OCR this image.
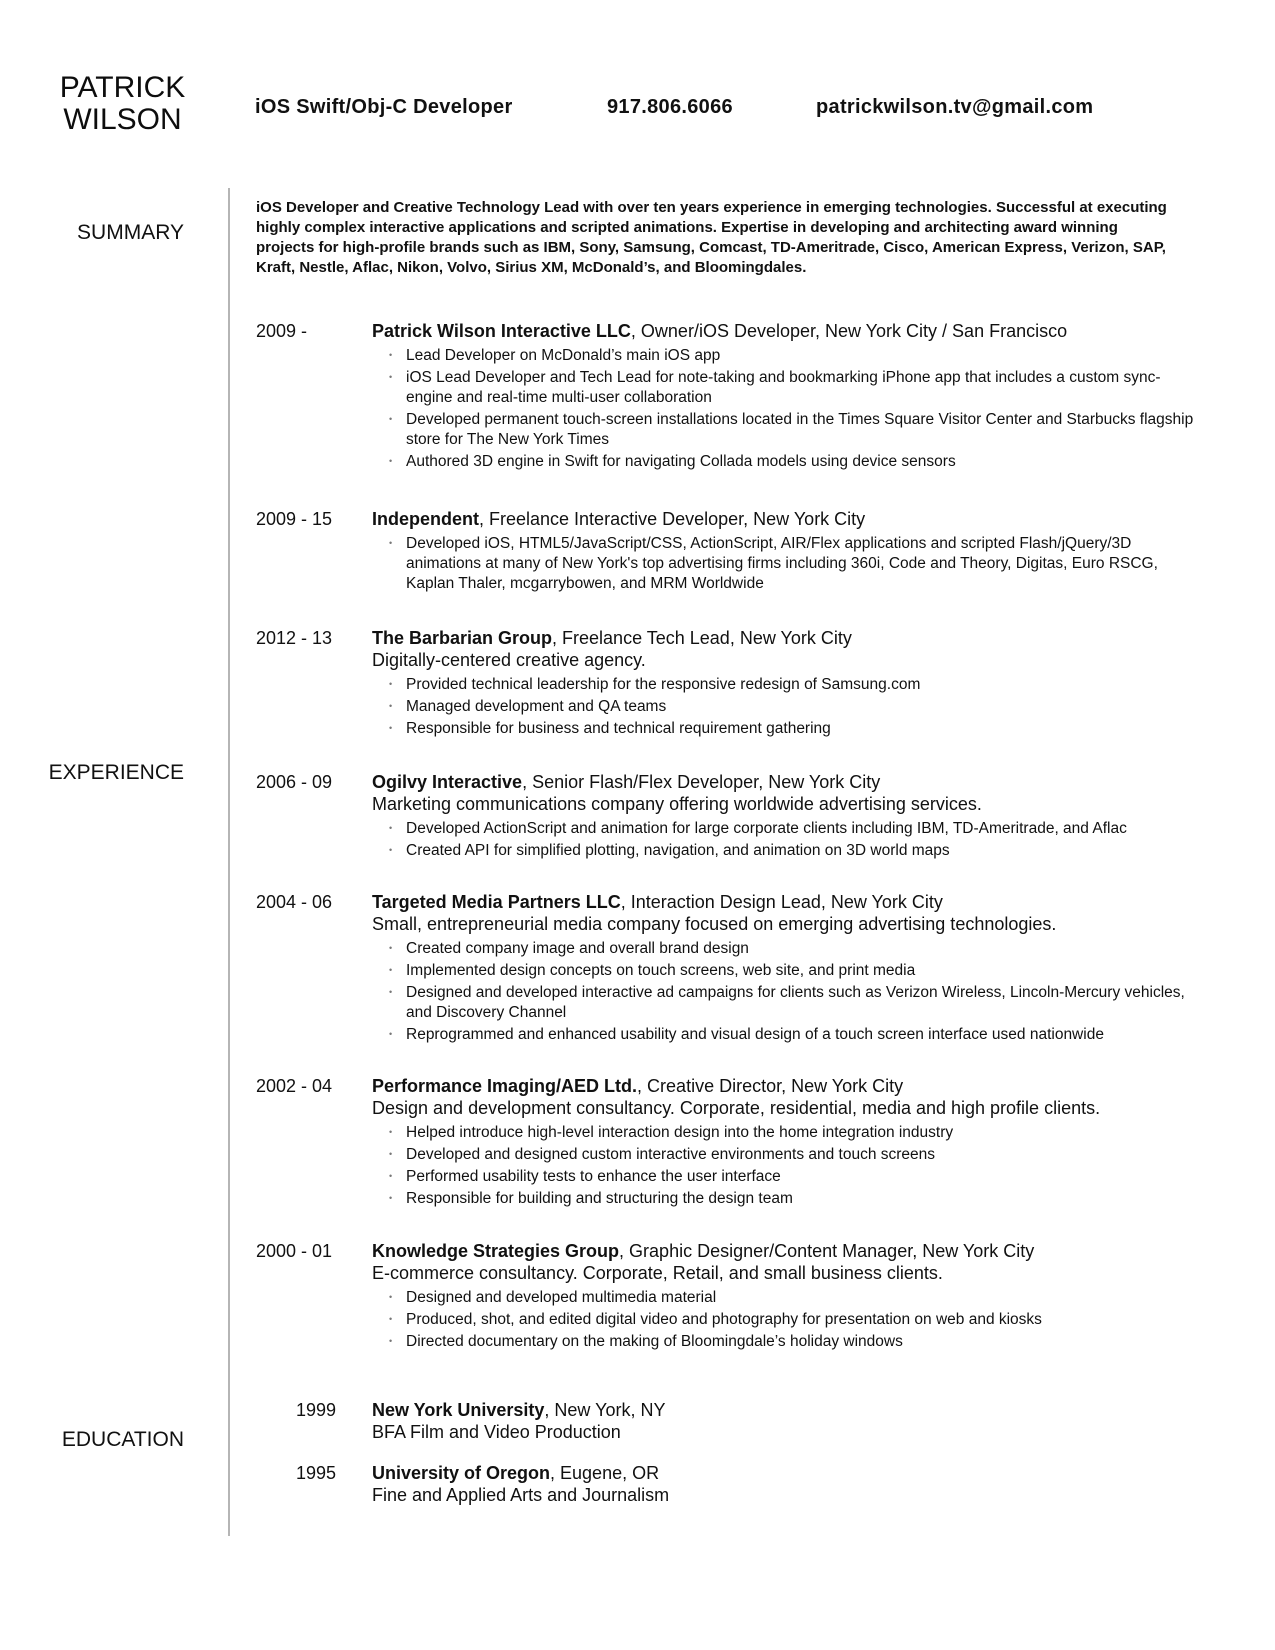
PATRICK
WILSON	iOS Swift/Obj-C Developer	917.806.6066	patrickwilson.tv@gmail.com
SUMMARY
EXPERIENCE
EDUCATION
iOS Developer and Creative Technology Lead with over ten years experience in emerging technologies. Successful at executing highly complex interactive applications and scripted animations. Expertise in developing and architecting award winning projects for high-profile brands such as IBM, Sony, Samsung, Comcast, TD-Ameritrade, Cisco, American Express, Verizon, SAP, Kraft, Nestle, Aflac, Nikon, Volvo, Sirius XM, McDonald’s, and Bloomingdales.
2009 -	Patrick Wilson Interactive LLC, Owner/iOS Developer, New York City / San Francisco
• Lead Developer on McDonald’s main iOS app
• iOS Lead Developer and Tech Lead for note-taking and bookmarking iPhone app that includes a custom sync-engine and real-time multi-user collaboration
• Developed permanent touch-screen installations located in the Times Square Visitor Center and Starbucks flagship store for The New York Times
• Authored 3D engine in Swift for navigating Collada models using device sensors
2009 - 15	Independent, Freelance Interactive Developer, New York City
• Developed iOS, HTML5/JavaScript/CSS, ActionScript, AIR/Flex applications and scripted Flash/jQuery/3D animations at many of New York's top advertising firms including 360i, Code and Theory, Digitas, Euro RSCG, Kaplan Thaler, mcgarrybowen, and MRM Worldwide
2012 - 13	The Barbarian Group, Freelance Tech Lead, New York City
Digitally-centered creative agency.
• Provided technical leadership for the responsive redesign of Samsung.com
• Managed development and QA teams
• Responsible for business and technical requirement gathering
2006 - 09	Ogilvy Interactive, Senior Flash/Flex Developer, New York City
Marketing communications company offering worldwide advertising services.
• Developed ActionScript and animation for large corporate clients including IBM, TD-Ameritrade, and Aflac
• Created API for simplified plotting, navigation, and animation on 3D world maps
2004 - 06	Targeted Media Partners LLC, Interaction Design Lead, New York City
Small, entrepreneurial media company focused on emerging advertising technologies.
• Created company image and overall brand design
• Implemented design concepts on touch screens, web site, and print media
• Designed and developed interactive ad campaigns for clients such as Verizon Wireless, Lincoln-Mercury vehicles, and Discovery Channel
• Reprogrammed and enhanced usability and visual design of a touch screen interface used nationwide
2002 - 04	Performance Imaging/AED Ltd., Creative Director, New York City
Design and development consultancy. Corporate, residential, media and high profile clients.
• Helped introduce high-level interaction design into the home integration industry
• Developed and designed custom interactive environments and touch screens
• Performed usability tests to enhance the user interface
• Responsible for building and structuring the design team
2000 - 01	Knowledge Strategies Group, Graphic Designer/Content Manager, New York City
E-commerce consultancy. Corporate, Retail, and small business clients.
• Designed and developed multimedia material
• Produced, shot, and edited digital video and photography for presentation on web and kiosks
• Directed documentary on the making of Bloomingdale’s holiday windows
1999 New York University, New York, NY
BFA Film and Video Production
1995 University of Oregon, Eugene, OR
Fine and Applied Arts and Journalism
